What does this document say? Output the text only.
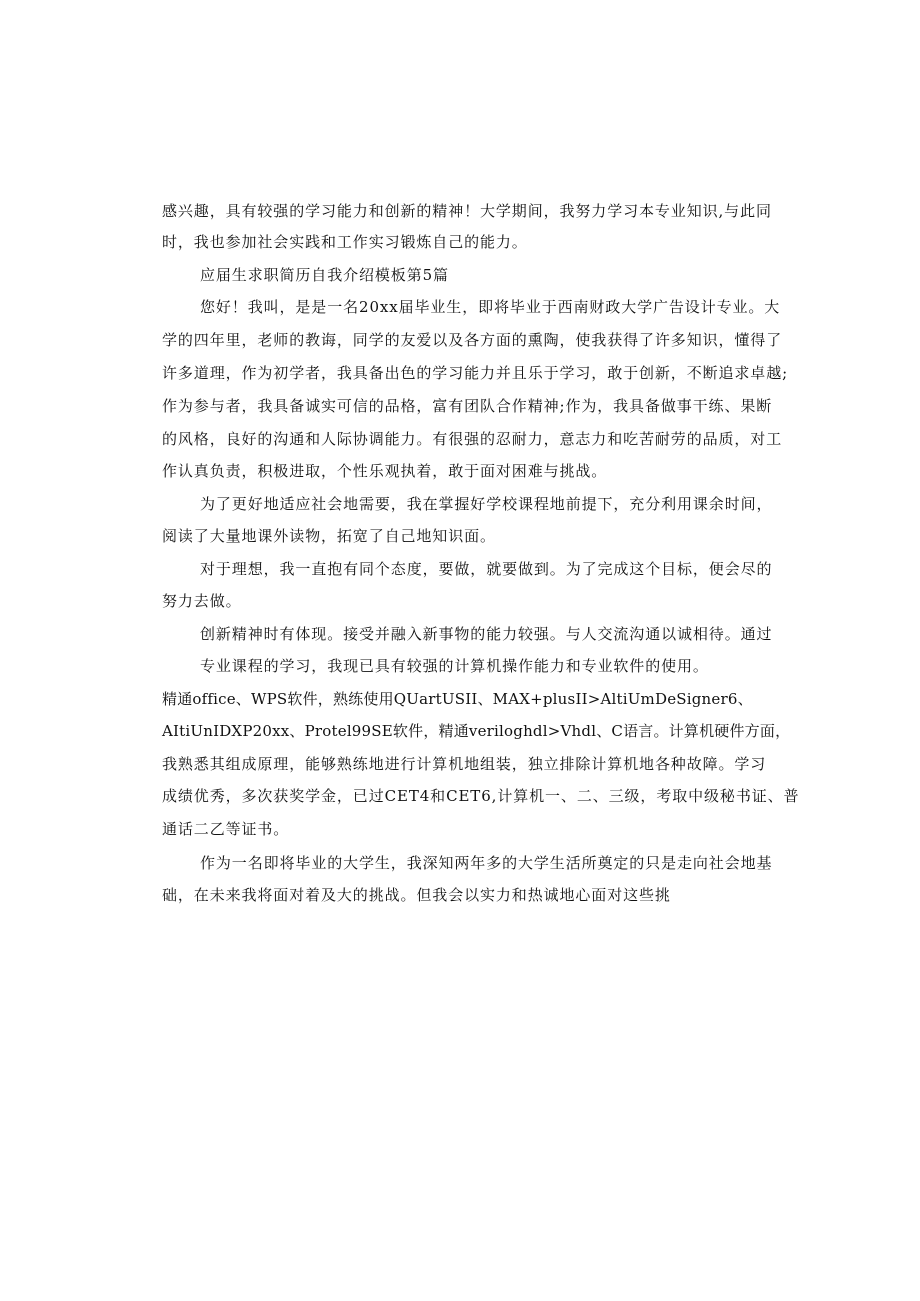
感兴趣，具有较强的学习能力和创新的精神！大学期间，我努力学习本专业知识,与此同
时，我也参加社会实践和工作实习锻炼自己的能力。
应届生求职简历自我介绍模板第5篇
您好！我叫，是是一名20xx届毕业生，即将毕业于西南财政大学广告设计专业。大
学的四年里，老师的教诲，同学的友爱以及各方面的熏陶，使我获得了许多知识，懂得了
许多道理，作为初学者，我具备出色的学习能力并且乐于学习，敢于创新，不断追求卓越;
作为参与者，我具备诚实可信的品格，富有团队合作精神;作为，我具备做事干练、果断
的风格，良好的沟通和人际协调能力。有很强的忍耐力，意志力和吃苦耐劳的品质，对工
作认真负责，积极进取，个性乐观执着，敢于面对困难与挑战。
为了更好地适应社会地需要，我在掌握好学校课程地前提下，充分利用课余时间，
阅读了大量地课外读物，拓宽了自己地知识面。
对于理想，我一直抱有同个态度，要做，就要做到。为了完成这个目标，便会尽的
努力去做。
创新精神时有体现。接受并融入新事物的能力较强。与人交流沟通以诚相待。通过
专业课程的学习，我现已具有较强的计算机操作能力和专业软件的使用。
精通office、WPS软件，熟练使用QUartUSII、MAX+plusII>AltiUmDeSigner6、
AItiUnIDXP20xx、Protel99SE软件，精通veriloghdl>Vhdl、C语言。计算机硬件方面，
我熟悉其组成原理，能够熟练地进行计算机地组装，独立排除计算机地各种故障。学习
成绩优秀，多次获奖学金，已过CET4和CET6,计算机一、二、三级，考取中级秘书证、普
通话二乙等证书。
作为一名即将毕业的大学生，我深知两年多的大学生活所奠定的只是走向社会地基
础，在未来我将面对着及大的挑战。但我会以实力和热诚地心面对这些挑
